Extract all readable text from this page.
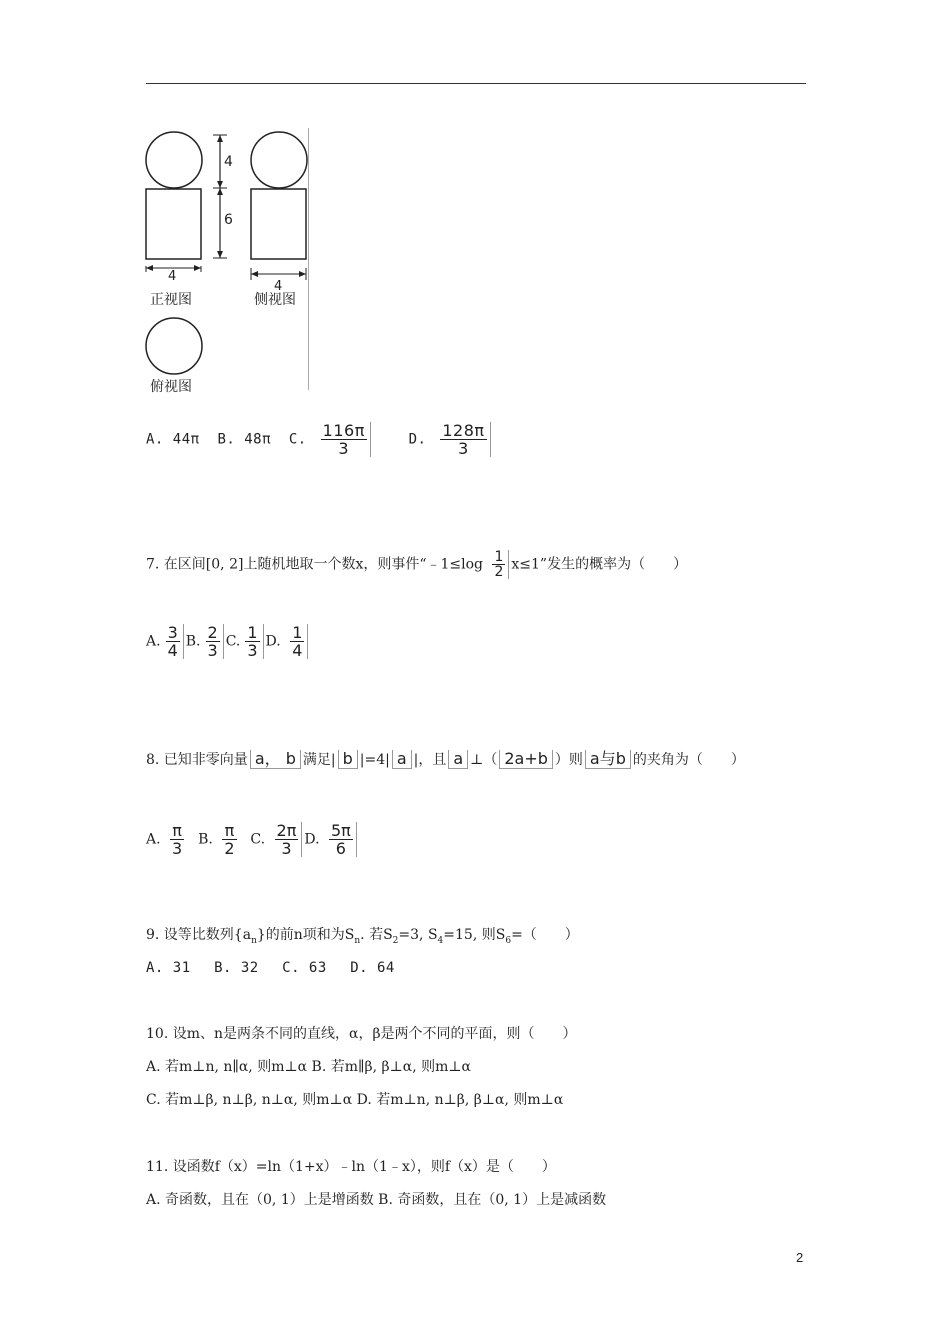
4
6
4
正视图
4
侧视图
俯视图
A. 44π B. 48π C. $\frac{116\pi}{3}$	D. $\frac{128\pi}{3}$
7. 在区间[0, 2]上随机地取一个数x，则事件“﹣1≤log $\frac{1}{2} x\le 1$”发生的概率为（　　）
A. $\frac{3}{4} B$. $\frac{2}{3} C$. $\frac{1}{3} D$. $\frac{1}{4}$
8. 已知非零向量 a， b 满足| b |=4| a |，且 a ⊥（ 2a+b ）则 a与b 的夹角为（　　）
A. $\frac{\pi}{3} B$. $\frac{\pi}{2} C$. $\frac{2\pi}{3} D$. $\frac{5\pi}{6}$
9. 设等比数列$\{a_n\}$的前n项和为$S_n$. 若$S_2=3$, $S_4=15$, 则$S_6=$（　　）
A. 31　 B. 32　 C. 63　 D. 64
10. 设m、n是两条不同的直线，α，β是两个不同的平面，则（　　）
A. 若m⊥n, n∥α, 则m⊥α B. 若m∥β, β⊥α, 则m⊥α
C. 若m⊥β, n⊥β, n⊥α, 则m⊥α D. 若m⊥n, n⊥β, β⊥α, 则m⊥α
11. 设函数f（x）=ln（1+x）﹣ln（1﹣x），则f（x）是（　　）
A. 奇函数，且在（0, 1）上是增函数 B. 奇函数，且在（0, 1）上是减函数
2
